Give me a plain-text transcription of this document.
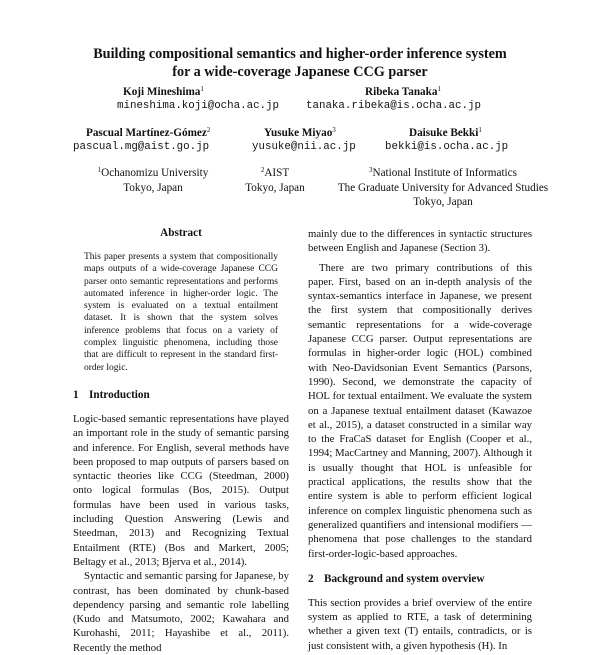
Building compositional semantics and higher-order inference system
for a wide-coverage Japanese CCG parser
Koji Mineshima$^1$
mineshima.koji@ocha.ac.jp
Ribeka Tanaka$^1$
tanaka.ribeka@is.ocha.ac.jp
Pascual Martínez-Gómez$^2$
pascual.mg@aist.go.jp
Yusuke Miyao$^3$
yusuke@nii.ac.jp
Daisuke Bekki$^1$
bekki@is.ocha.ac.jp
$^1$Ochanomizu University
Tokyo, Japan
$^2$AIST
Tokyo, Japan
$^3$National Institute of Informatics
The Graduate University for Advanced Studies
Tokyo, Japan
Abstract

This paper presents a system that compositionally maps outputs of a wide-coverage Japanese CCG parser onto semantic representations and performs automated inference in higher-order logic. The system is evaluated on a textual entailment dataset. It is shown that the system solves inference problems that focus on a variety of complex linguistic phenomena, including those that are difficult to represent in the standard first-order logic.

1 Introduction

Logic-based semantic representations have played an important role in the study of semantic parsing and inference. For English, several methods have been proposed to map outputs of parsers based on syntactic theories like CCG (Steedman, 2000) onto logical formulas (Bos, 2015). Output formulas have been used in various tasks, including Question Answering (Lewis and Steedman, 2013) and Recognizing Textual Entailment (RTE) (Bos and Markert, 2005; Beltagy et al., 2013; Bjerva et al., 2014).

Syntactic and semantic parsing for Japanese, by contrast, has been dominated by chunk-based dependency parsing and semantic role labelling (Kudo and Matsumoto, 2002; Kawahara and Kurohashi, 2011; Hayashibe et al., 2011). Recently the method

mainly due to the differences in syntactic structures between English and Japanese (Section 3).

There are two primary contributions of this paper. First, based on an in-depth analysis of the syntax-semantics interface in Japanese, we present the first system that compositionally derives semantic representations for a wide-coverage Japanese CCG parser. Output representations are formulas in higher-order logic (HOL) combined with Neo-Davidsonian Event Semantics (Parsons, 1990). Second, we demonstrate the capacity of HOL for textual entailment. We evaluate the system on a Japanese textual entailment dataset (Kawazoe et al., 2015), a dataset constructed in a similar way to the FraCaS dataset for English (Cooper et al., 1994; MacCartney and Manning, 2007). Although it is usually thought that HOL is unfeasible for practical applications, the results show that the entire system is able to perform efficient logical inference on complex linguistic phenomena such as generalized quantifiers and intensional modifiers — phenomena that pose challenges to the standard first-order-logic-based approaches.

2 Background and system overview

This section provides a brief overview of the entire system as applied to RTE, a task of determining whether a given text (T) entails, contradicts, or is just consistent with, a given hypothesis (H). In
